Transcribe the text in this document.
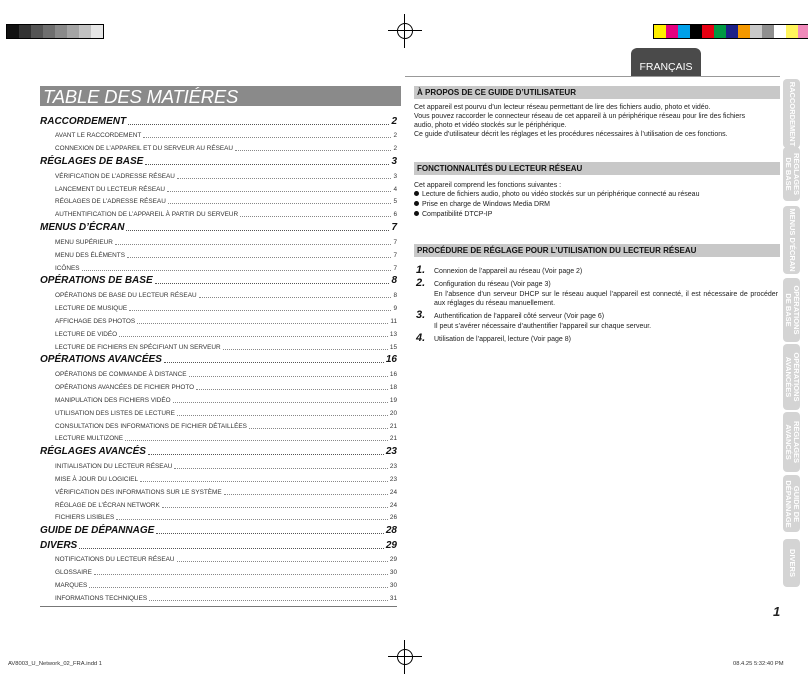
FRANÇAIS
TABLE DES MATIÉRES
RACCORDEMENT	2
AVANT LE RACCORDEMENT	2
CONNEXION DE L’APPAREIL ET DU SERVEUR AU RÉSEAU	2
RÉGLAGES DE BASE	3
VÉRIFICATION DE L’ADRESSE RÉSEAU	3
LANCEMENT DU LECTEUR RÉSEAU	4
RÉGLAGES DE L’ADRESSE RÉSEAU	5
AUTHENTIFICATION DE L’APPAREIL À PARTIR DU SERVEUR	6
MENUS D’ÉCRAN	7
MENU SUPÉRIEUR	7
MENU DES ÉLÉMENTS	7
ICÔNES	7
OPÉRATIONS DE BASE	8
OPÉRATIONS DE BASE DU LECTEUR RÉSEAU	8
LECTURE DE MUSIQUE	9
AFFICHAGE DES PHOTOS	11
LECTURE DE VIDÉO	13
LECTURE DE FICHIERS EN SPÉCIFIANT UN SERVEUR	15
OPÉRATIONS AVANCÉES	16
OPÉRATIONS DE COMMANDE À DISTANCE	16
OPÉRATIONS AVANCÉES DE FICHIER PHOTO	18
MANIPULATION DES FICHIERS VIDÉO	19
UTILISATION DES LISTES DE LECTURE	20
CONSULTATION DES INFORMATIONS DE FICHIER DÉTAILLÉES	21
LECTURE MULTIZONE	21
RÉGLAGES AVANCÉS	23
INITIALISATION DU LECTEUR RÉSEAU	23
MISE À JOUR DU LOGICIEL	23
VÉRIFICATION DES INFORMATIONS SUR LE SYSTÈME	24
RÉGLAGE DE L’ÉCRAN NETWORK	24
FICHIERS LISIBLES	26
GUIDE DE DÉPANNAGE	28
DIVERS	29
NOTIFICATIONS DU LECTEUR RÉSEAU	29
GLOSSAIRE	30
MARQUES	30
INFORMATIONS TECHNIQUES	31
À PROPOS DE CE GUIDE D’UTILISATEUR
Cet appareil est pourvu d’un lecteur réseau permettant de lire des fichiers audio, photo et vidéo.
Vous pouvez raccorder le connecteur réseau de cet appareil à un périphérique réseau pour lire des fichiers
audio, photo et vidéo stockés sur le périphérique.
Ce guide d’utilisateur décrit les réglages et les procédures nécessaires à l’utilisation de ces fonctions.
FONCTIONNALITÉS DU LECTEUR RÉSEAU
Cet appareil comprend les fonctions suivantes :
Lecture de fichiers audio, photo ou vidéo stockés sur un périphérique connecté au réseau
Prise en charge de Windows Media DRM
Compatibilité DTCP-IP
PROCÉDURE DE RÉGLAGE POUR L’UTILISATION DU LECTEUR RÉSEAU
1.	Connexion de l’appareil au réseau (Voir page 2)
2.	Configuration du réseau (Voir page 3)
En l’absence d’un serveur DHCP sur le réseau auquel l’appareil est connecté, il est nécessaire de procéder aux réglages du réseau manuellement.
3.	Authentification de l’appareil côté serveur (Voir page 6)
Il peut s’avérer nécessaire d’authentifier l’appareil sur chaque serveur.
4.	Utilisation de l’appareil, lecture (Voir page 8)
RACCORDEMENT
RÉGLAGES DE BASE
MENUS D’ÉCRAN
OPÉRATIONS DE BASE
OPÉRATIONS AVANCÉES
RÉGLAGES AVANCÉS
GUIDE DE DÉPANNAGE
DIVERS
1
AV8003_U_Network_02_FRA.indd 1	08.4.25 5:32:40 PM
